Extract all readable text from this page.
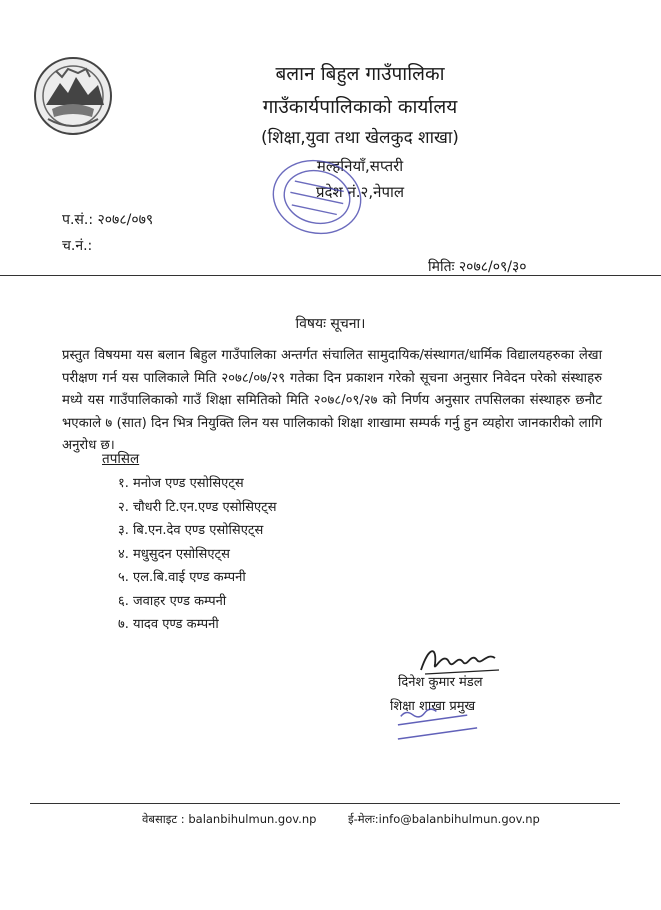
बलान बिहुल गाउँपालिका
गाउँकार्यपालिकाको कार्यालय
(शिक्षा,युवा तथा खेलकुद शाखा)
मल्हनियाँ,सप्तरी
प्रदेश नं.२,नेपाल
प.सं.: २०७८/०७९
च.नं.:
मितिः २०७८/०९/३०
विषयः सूचना।
प्रस्तुत विषयमा यस बलान बिहुल गाउँपालिका अन्तर्गत संचालित सामुदायिक/संस्थागत/धार्मिक विद्यालयहरुका लेखा परीक्षण गर्न यस पालिकाले मिति २०७८/०७/२९ गतेका दिन प्रकाशन गरेको सूचना अनुसार निवेदन परेको संस्थाहरु मध्ये यस गाउँपालिकाको गाउँ शिक्षा समितिको मिति २०७८/०९/२७ को निर्णय अनुसार तपसिलका संस्थाहरु छनौट भएकाले ७ (सात) दिन भित्र नियुक्ति लिन यस पालिकाको शिक्षा शाखामा सम्पर्क गर्नु हुन व्यहोरा जानकारीको लागि अनुरोध छ।
तपसिल
१. मनोज एण्ड एसोसिएट्स
२. चौधरी टि.एन.एण्ड एसोसिएट्स
३. बि.एन.देव एण्ड एसोसिएट्स
४. मधुसुदन एसोसिएट्स
५. एल.बि.वाई एण्ड कम्पनी
६. जवाहर एण्ड कम्पनी
७. यादव एण्ड कम्पनी
दिनेश कुमार मंडल
शिक्षा शाखा प्रमुख
वेबसाइट : balanbihulmun.gov.np	ई-मेलः:info@balanbihulmun.gov.np
